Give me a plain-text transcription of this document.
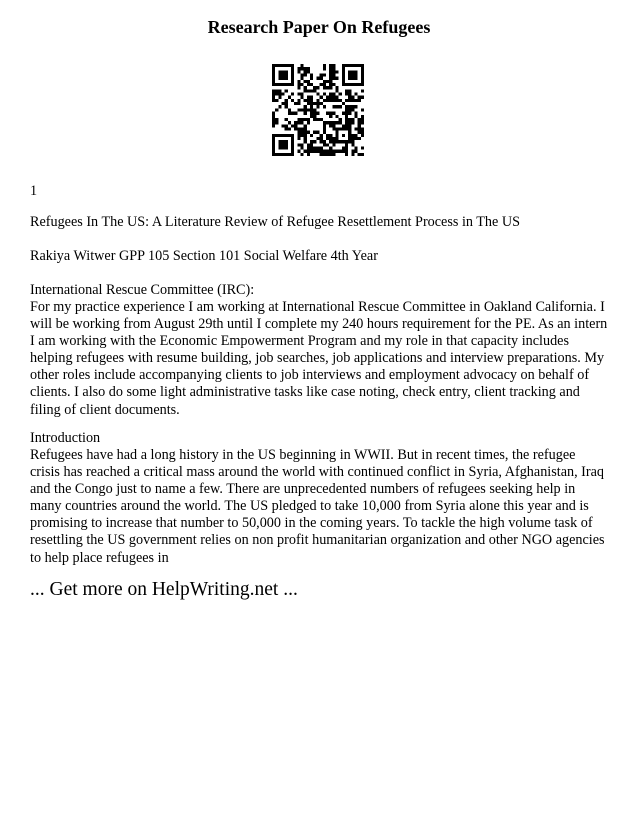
Research Paper On Refugees

1

Refugees In The US: A Literature Review of Refugee Resettlement Process in The US

Rakiya Witwer GPP 105 Section 101 Social Welfare 4th Year

International Rescue Committee (IRC):

For my practice experience I am working at International Rescue Committee in Oakland California. I will be working from August 29th until I complete my 240 hours requirement for the PE. As an intern I am working with the Economic Empowerment Program and my role in that capacity includes helping refugees with resume building, job searches, job applications and interview preparations. My other roles include accompanying clients to job interviews and employment advocacy on behalf of clients. I also do some light administrative tasks like case noting, check entry, client tracking and filing of client documents.

Introduction

Refugees have had a long history in the US beginning in WWII. But in recent times, the refugee crisis has reached a critical mass around the world with continued conflict in Syria, Afghanistan, Iraq and the Congo just to name a few. There are unprecedented numbers of refugees seeking help in many countries around the world. The US pledged to take 10,000 from Syria alone this year and is promising to increase that number to 50,000 in the coming years. To tackle the high volume task of resettling the US government relies on non profit humanitarian organization and other NGO agencies to help place refugees in

... Get more on HelpWriting.net ...
